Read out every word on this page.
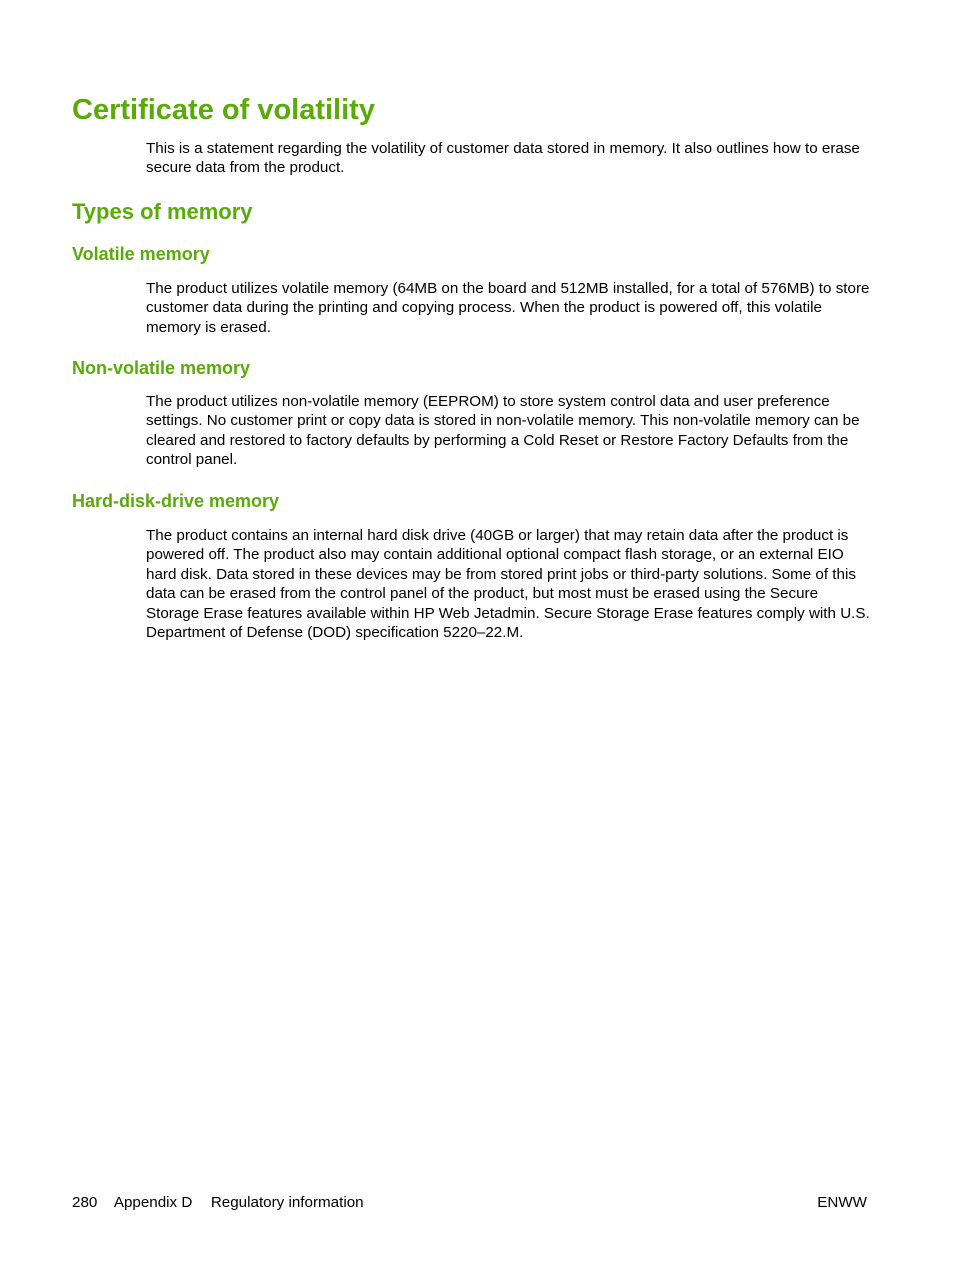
Certificate of volatility

This is a statement regarding the volatility of customer data stored in memory. It also outlines how to erase secure data from the product.

Types of memory
Volatile memory

The product utilizes volatile memory (64MB on the board and 512MB installed, for a total of 576MB) to store customer data during the printing and copying process. When the product is powered off, this volatile memory is erased.

Non-volatile memory

The product utilizes non-volatile memory (EEPROM) to store system control data and user preference settings. No customer print or copy data is stored in non-volatile memory. This non-volatile memory can be cleared and restored to factory defaults by performing a Cold Reset or Restore Factory Defaults from the control panel.

Hard-disk-drive memory

The product contains an internal hard disk drive (40GB or larger) that may retain data after the product is powered off. The product also may contain additional optional compact flash storage, or an external EIO hard disk. Data stored in these devices may be from stored print jobs or third-party solutions. Some of this data can be erased from the control panel of the product, but most must be erased using the Secure Storage Erase features available within HP Web Jetadmin. Secure Storage Erase features comply with U.S. Department of Defense (DOD) specification 5220–22.M.

280 Appendix D Regulatory information	ENWW
